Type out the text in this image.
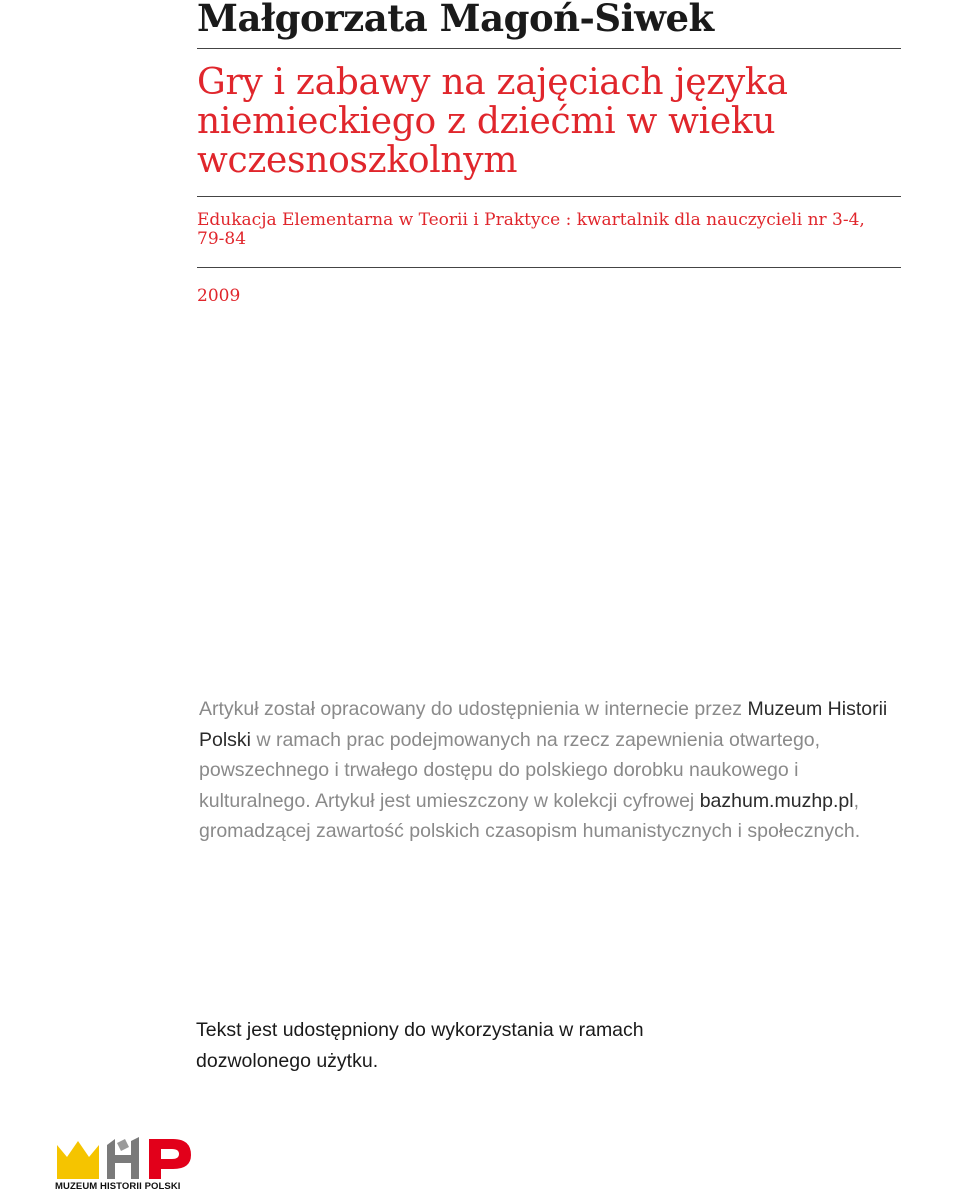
Małgorzata Magoń-Siwek
Gry i zabawy na zajęciach języka niemieckiego z dziećmi w wieku wczesnoszkolnym
Edukacja Elementarna w Teorii i Praktyce : kwartalnik dla nauczycieli nr 3-4, 79-84
2009
Artykuł został opracowany do udostępnienia w internecie przez Muzeum Historii Polski w ramach prac podejmowanych na rzecz zapewnienia otwartego, powszechnego i trwałego dostępu do polskiego dorobku naukowego i kulturalnego. Artykuł jest umieszczony w kolekcji cyfrowej bazhum.muzhp.pl, gromadzącej zawartość polskich czasopism humanistycznych i społecznych.
Tekst jest udostępniony do wykorzystania w ramach dozwolonego użytku.
MUZEUM HISTORII POLSKI
